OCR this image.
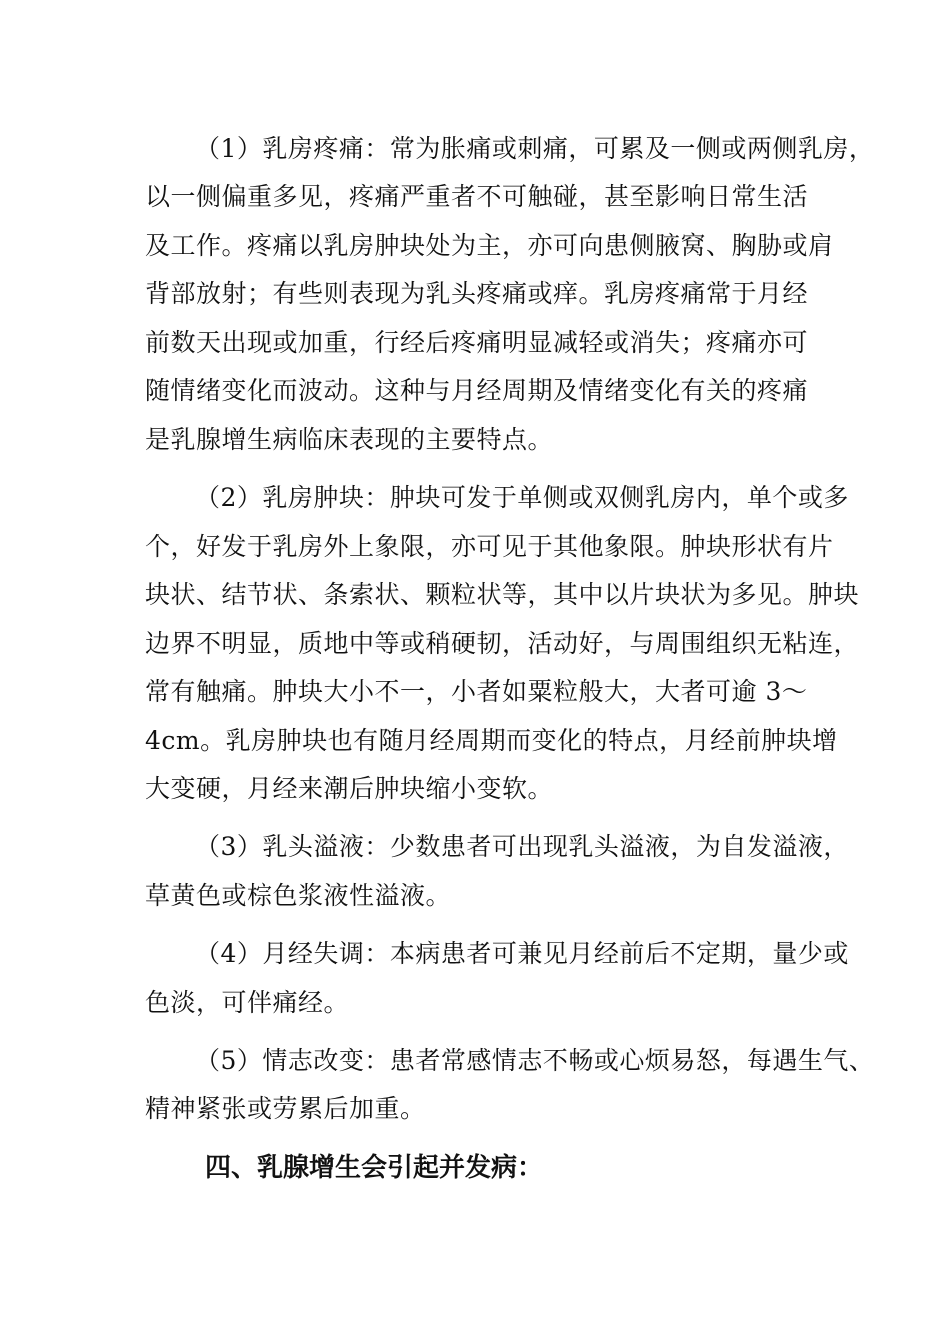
（1）乳房疼痛：常为胀痛或刺痛，可累及一侧或两侧乳房，
以一侧偏重多见，疼痛严重者不可触碰，甚至影响日常生活
及工作。疼痛以乳房肿块处为主，亦可向患侧腋窝、胸胁或肩
背部放射；有些则表现为乳头疼痛或痒。乳房疼痛常于月经
前数天出现或加重，行经后疼痛明显减轻或消失；疼痛亦可
随情绪变化而波动。这种与月经周期及情绪变化有关的疼痛
是乳腺增生病临床表现的主要特点。
（2）乳房肿块：肿块可发于单侧或双侧乳房内，单个或多
个，好发于乳房外上象限，亦可见于其他象限。肿块形状有片
块状、结节状、条索状、颗粒状等，其中以片块状为多见。肿块
边界不明显，质地中等或稍硬韧，活动好，与周围组织无粘连，
常有触痛。肿块大小不一，小者如粟粒般大，大者可逾 3～
4cm。乳房肿块也有随月经周期而变化的特点，月经前肿块增
大变硬，月经来潮后肿块缩小变软。
（3）乳头溢液：少数患者可出现乳头溢液，为自发溢液，
草黄色或棕色浆液性溢液。
（4）月经失调：本病患者可兼见月经前后不定期，量少或
色淡，可伴痛经。
（5）情志改变：患者常感情志不畅或心烦易怒，每遇生气、
精神紧张或劳累后加重。
四、乳腺增生会引起并发病：
